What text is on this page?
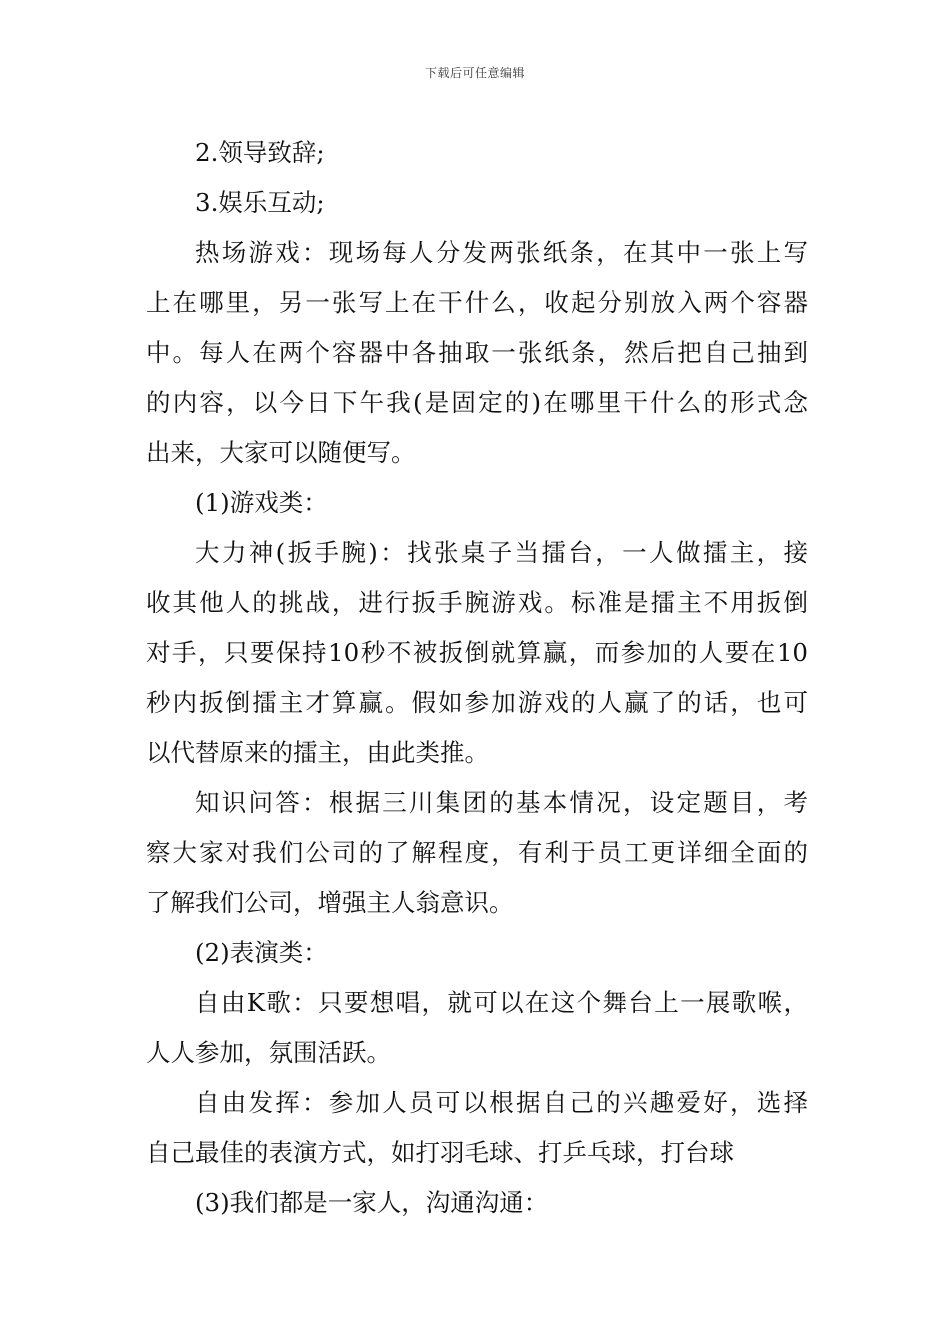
下载后可任意编辑
2.领导致辞;
3.娱乐互动;
热场游戏：现场每人分发两张纸条，在其中一张上写
上在哪里，另一张写上在干什么，收起分别放入两个容器
中。每人在两个容器中各抽取一张纸条，然后把自己抽到
的内容，以今日下午我(是固定的)在哪里干什么的形式念
出来，大家可以随便写。
(1)游戏类：
大力神(扳手腕)：找张桌子当擂台，一人做擂主，接
收其他人的挑战，进行扳手腕游戏。标准是擂主不用扳倒
对手，只要保持10秒不被扳倒就算赢，而参加的人要在10
秒内扳倒擂主才算赢。假如参加游戏的人赢了的话，也可
以代替原来的擂主，由此类推。
知识问答：根据三川集团的基本情况，设定题目，考
察大家对我们公司的了解程度，有利于员工更详细全面的
了解我们公司，增强主人翁意识。
(2)表演类：
自由K歌：只要想唱，就可以在这个舞台上一展歌喉，
人人参加，氛围活跃。
自由发挥：参加人员可以根据自己的兴趣爱好，选择
自己最佳的表演方式，如打羽毛球、打乒乓球，打台球
(3)我们都是一家人，沟通沟通：
